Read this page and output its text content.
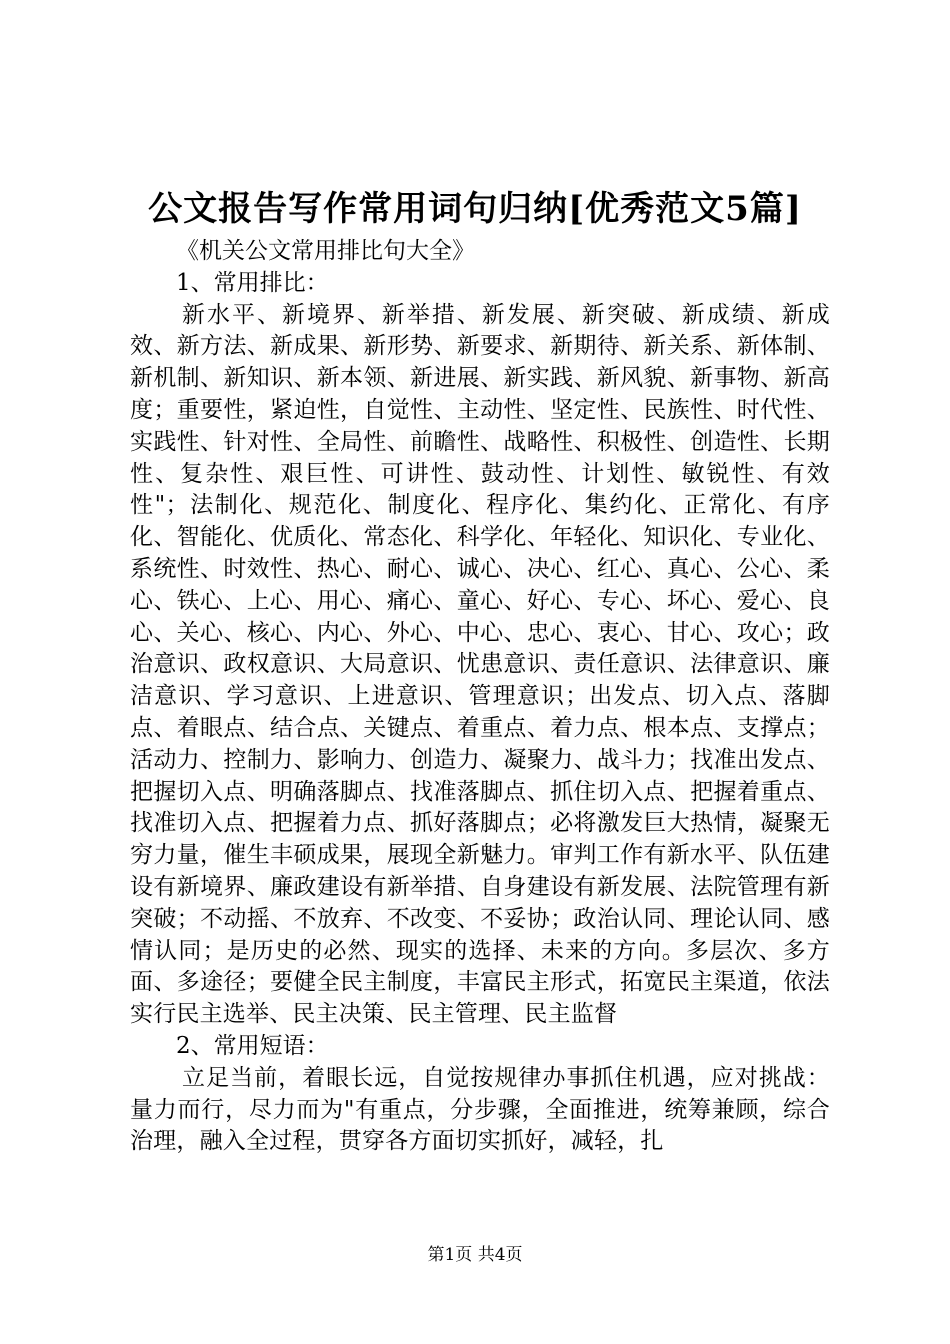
公文报告写作常用词句归纳[优秀范文5篇]

《机关公文常用排比句大全》

1、常用排比：

新水平、新境界、新举措、新发展、新突破、新成绩、新成效、新方法、新成果、新形势、新要求、新期待、新关系、新体制、新机制、新知识、新本领、新进展、新实践、新风貌、新事物、新高度；重要性，紧迫性，自觉性、主动性、坚定性、民族性、时代性、实践性、针对性、全局性、前瞻性、战略性、积极性、创造性、长期性、复杂性、艰巨性、可讲性、鼓动性、计划性、敏锐性、有效性"；法制化、规范化、制度化、程序化、集约化、正常化、有序化、智能化、优质化、常态化、科学化、年轻化、知识化、专业化、系统性、时效性、热心、耐心、诚心、决心、红心、真心、公心、柔心、铁心、上心、用心、痛心、童心、好心、专心、坏心、爱心、良心、关心、核心、内心、外心、中心、忠心、衷心、甘心、攻心；政治意识、政权意识、大局意识、忧患意识、责任意识、法律意识、廉洁意识、学习意识、上进意识、管理意识；出发点、切入点、落脚点、着眼点、结合点、关键点、着重点、着力点、根本点、支撑点；活动力、控制力、影响力、创造力、凝聚力、战斗力；找准出发点、把握切入点、明确落脚点、找准落脚点、抓住切入点、把握着重点、找准切入点、把握着力点、抓好落脚点；必将激发巨大热情，凝聚无穷力量，催生丰硕成果，展现全新魅力。审判工作有新水平、队伍建设有新境界、廉政建设有新举措、自身建设有新发展、法院管理有新突破；不动摇、不放弃、不改变、不妥协；政治认同、理论认同、感情认同；是历史的必然、现实的选择、未来的方向。多层次、多方面、多途径；要健全民主制度，丰富民主形式，拓宽民主渠道，依法实行民主选举、民主决策、民主管理、民主监督

2、常用短语：

立足当前，着眼长远，自觉按规律办事抓住机遇，应对挑战：量力而行，尽力而为"有重点，分步骤，全面推进，统筹兼顾，综合治理，融入全过程，贯穿各方面切实抓好，减轻，扎

第1页 共4页
